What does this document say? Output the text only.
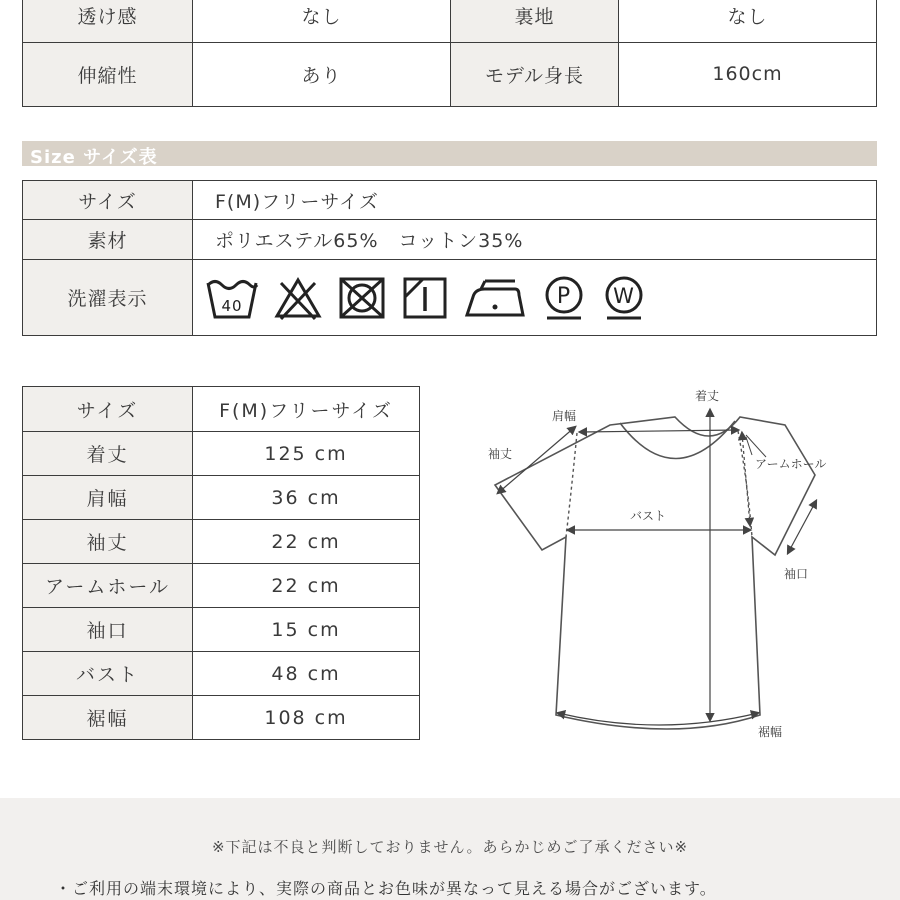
透け感	なし	裏地	なし
伸縮性	あり	モデル身長	160cm
Size サイズ表
サイズ	F(M)フリーサイズ
素材	ポリエステル65%　コットン35%
洗濯表示	40 P W
サイズ	F(M)フリーサイズ
着丈	125 cm
肩幅	36 cm
袖丈	22 cm
アームホール	22 cm
袖口	15 cm
バスト	48 cm
裾幅	108 cm
着丈
肩幅
袖丈
アームホール
バスト
袖口
裾幅
※下記は不良と判断しておりません。あらかじめご了承ください※
・ご利用の端末環境により、実際の商品とお色味が異なって見える場合がございます。
